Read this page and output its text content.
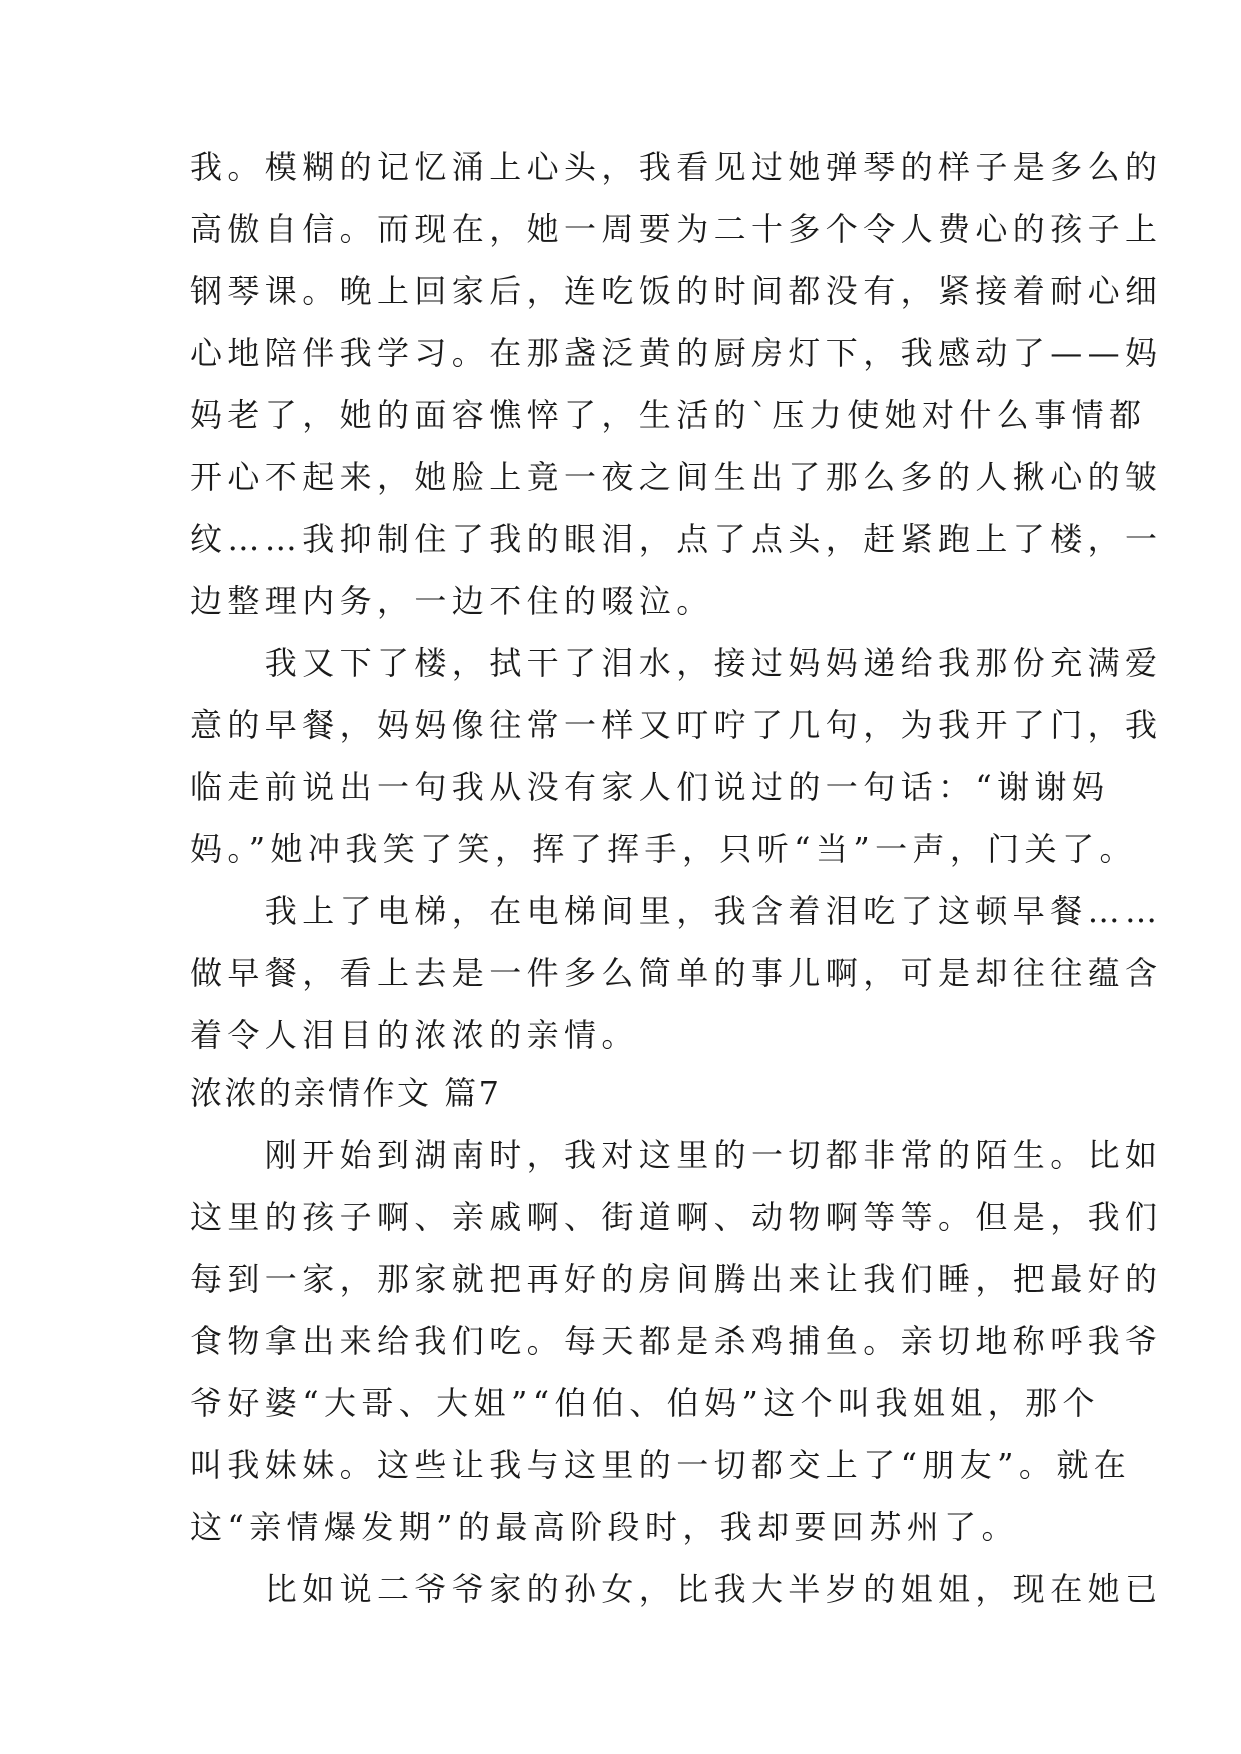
我。模糊的记忆涌上心头，我看见过她弹琴的样子是多么的
高傲自信。而现在，她一周要为二十多个令人费心的孩子上
钢琴课。晚上回家后，连吃饭的时间都没有，紧接着耐心细
心地陪伴我学习。在那盏泛黄的厨房灯下，我感动了——妈
妈老了，她的面容憔悴了，生活的`压力使她对什么事情都
开心不起来，她脸上竟一夜之间生出了那么多的人揪心的皱
纹……我抑制住了我的眼泪，点了点头，赶紧跑上了楼，一
边整理内务，一边不住的啜泣。
　　我又下了楼，拭干了泪水，接过妈妈递给我那份充满爱
意的早餐，妈妈像往常一样又叮咛了几句，为我开了门，我
临走前说出一句我从没有家人们说过的一句话：“谢谢妈
妈。”她冲我笑了笑，挥了挥手，只听“当”一声，门关了。
　　我上了电梯，在电梯间里，我含着泪吃了这顿早餐……
做早餐，看上去是一件多么简单的事儿啊，可是却往往蕴含
着令人泪目的浓浓的亲情。
浓浓的亲情作文 篇7
　　刚开始到湖南时，我对这里的一切都非常的陌生。比如
这里的孩子啊、亲戚啊、街道啊、动物啊等等。但是，我们
每到一家，那家就把再好的房间腾出来让我们睡，把最好的
食物拿出来给我们吃。每天都是杀鸡捕鱼。亲切地称呼我爷
爷好婆“大哥、大姐”“伯伯、伯妈”这个叫我姐姐，那个
叫我妹妹。这些让我与这里的一切都交上了“朋友”。就在
这“亲情爆发期”的最高阶段时，我却要回苏州了。
　　比如说二爷爷家的孙女，比我大半岁的姐姐，现在她已
